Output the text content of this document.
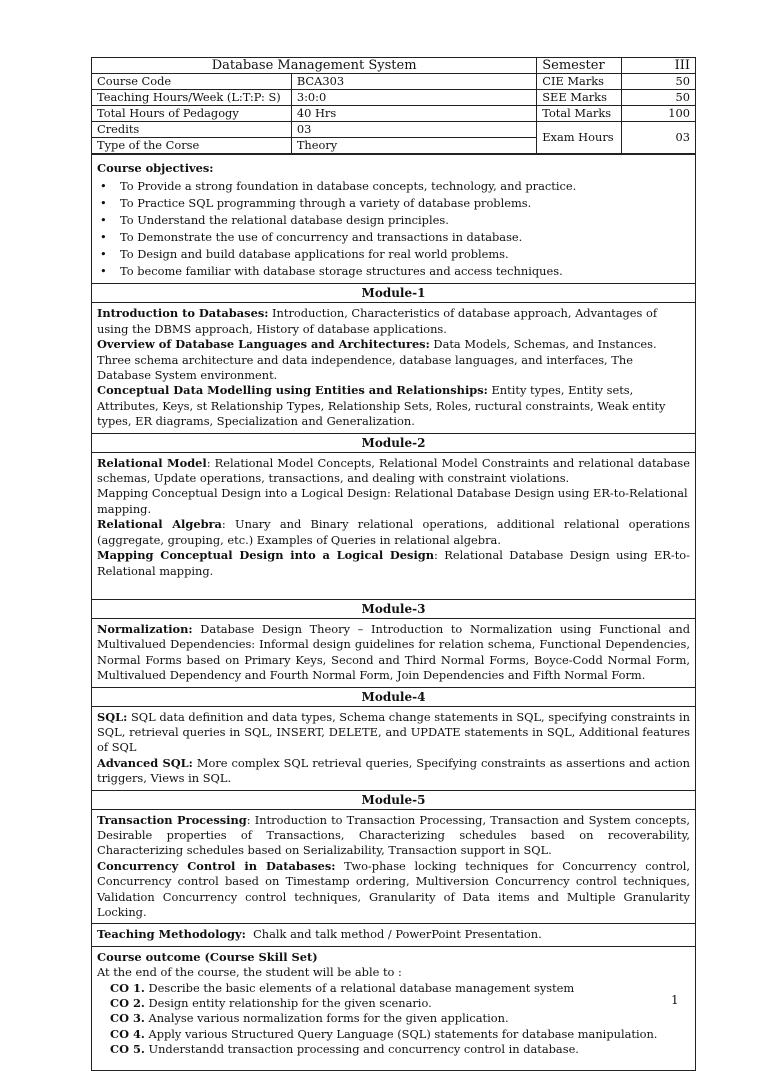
Database Management System		Semester	III
Course Code	BCA303	CIE Marks	50
Teaching Hours/Week (L:T:P: S)	3:0:0	SEE Marks	50
Total Hours of Pedagogy	40 Hrs	Total Marks	100
Credits	03	Exam Hours	03
Type of the Corse	Theory		
Course objectives:
• To Provide a strong foundation in database concepts, technology, and practice.
• To Practice SQL programming through a variety of database problems.
• To Understand the relational database design principles.
• To Demonstrate the use of concurrency and transactions in database.
• To Design and build database applications for real world problems.
• To become familiar with database storage structures and access techniques.
Module-1
Introduction to Databases: Introduction, Characteristics of database approach, Advantages of using the DBMS approach, History of database applications.
Overview of Database Languages and Architectures: Data Models, Schemas, and Instances. Three schema architecture and data independence, database languages, and interfaces, The Database System environment.
Conceptual Data Modelling using Entities and Relationships: Entity types, Entity sets, Attributes, Keys, st Relationship Types, Relationship Sets, Roles, ructural constraints, Weak entity types, ER diagrams, Specialization and Generalization.
Module-2
Relational Model: Relational Model Concepts, Relational Model Constraints and relational database schemas, Update operations, transactions, and dealing with constraint violations.
Mapping Conceptual Design into a Logical Design: Relational Database Design using ER-to-Relational mapping.
Relational Algebra: Unary and Binary relational operations, additional relational operations (aggregate, grouping, etc.) Examples of Queries in relational algebra.
Mapping Conceptual Design into a Logical Design: Relational Database Design using ER-to-Relational mapping.
Module-3
Normalization: Database Design Theory – Introduction to Normalization using Functional and Multivalued Dependencies: Informal design guidelines for relation schema, Functional Dependencies, Normal Forms based on Primary Keys, Second and Third Normal Forms, Boyce-Codd Normal Form, Multivalued Dependency and Fourth Normal Form, Join Dependencies and Fifth Normal Form.
Module-4
SQL: SQL data definition and data types, Schema change statements in SQL, specifying constraints in SQL, retrieval queries in SQL, INSERT, DELETE, and UPDATE statements in SQL, Additional features of SQL
Advanced SQL: More complex SQL retrieval queries, Specifying constraints as assertions and action triggers, Views in SQL.
Module-5
Transaction Processing: Introduction to Transaction Processing, Transaction and System concepts, Desirable properties of Transactions, Characterizing schedules based on recoverability, Characterizing schedules based on Serializability, Transaction support in SQL.
Concurrency Control in Databases: Two-phase locking techniques for Concurrency control, Concurrency control based on Timestamp ordering, Multiversion Concurrency control techniques, Validation Concurrency control techniques, Granularity of Data items and Multiple Granularity Locking.
Teaching Methodology:  Chalk and talk method / PowerPoint Presentation.
Course outcome (Course Skill Set)
At the end of the course, the student will be able to :
CO 1. Describe the basic elements of a relational database management system
CO 2. Design entity relationship for the given scenario.
CO 3. Analyse various normalization forms for the given application.
CO 4. Apply various Structured Query Language (SQL) statements for database manipulation.
CO 5. Understandd transaction processing and concurrency control in database.
1
